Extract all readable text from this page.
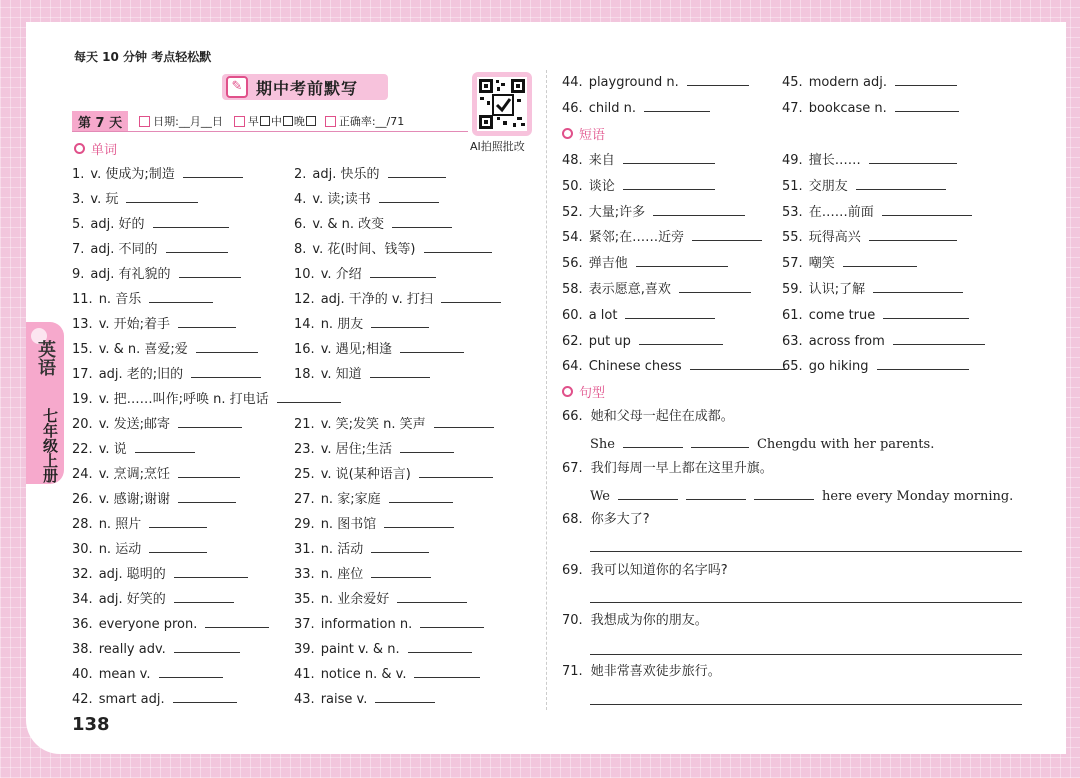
英语
七年级上册
每天 10 分钟 考点轻松默
✎ 期中考前默写
AI拍照批改
第 7 天	日期:__月__日 早 中 晚	正确率:__/71
单词
短语
句型
1. v. 使成为;制造	2. adj. 快乐的
3. v. 玩	4. v. 读;读书
5. adj. 好的	6. v. & n. 改变
7. adj. 不同的	8. v. 花(时间、钱等)
9. adj. 有礼貌的	10. v. 介绍
11. n. 音乐	12. adj. 干净的 v. 打扫
13. v. 开始;着手	14. n. 朋友
15. v. & n. 喜爱;爱	16. v. 遇见;相逢
17. adj. 老的;旧的	18. v. 知道
19. v. 把……叫作;呼唤 n. 打电话
20. v. 发送;邮寄	21. v. 笑;发笑 n. 笑声
22. v. 说	23. v. 居住;生活
24. v. 烹调;烹饪	25. v. 说(某种语言)
26. v. 感谢;谢谢	27. n. 家;家庭
28. n. 照片	29. n. 图书馆
30. n. 运动	31. n. 活动
32. adj. 聪明的	33. n. 座位
34. adj. 好笑的	35. n. 业余爱好
36. everyone pron.	37. information n.
38. really adv.	39. paint v. & n.
40. mean v.	41. notice n. & v.
42. smart adj.	43. raise v.
44. playground n.	45. modern adj.
46. child n.	47. bookcase n.
48. 来自	49. 擅长……
50. 谈论	51. 交朋友
52. 大量;许多	53. 在……前面
54. 紧邻;在……近旁	55. 玩得高兴
56. 弹吉他	57. 嘲笑
58. 表示愿意,喜欢	59. 认识;了解
60. a lot	61. come true
62. put up	63. across from
64. Chinese chess	65. go hiking
66. 她和父母一起住在成都。
She	Chengdu with her parents.
67. 我们每周一早上都在这里升旗。
We	here every Monday morning.
68. 你多大了?
69. 我可以知道你的名字吗?
70. 我想成为你的朋友。
71. 她非常喜欢徒步旅行。
138
